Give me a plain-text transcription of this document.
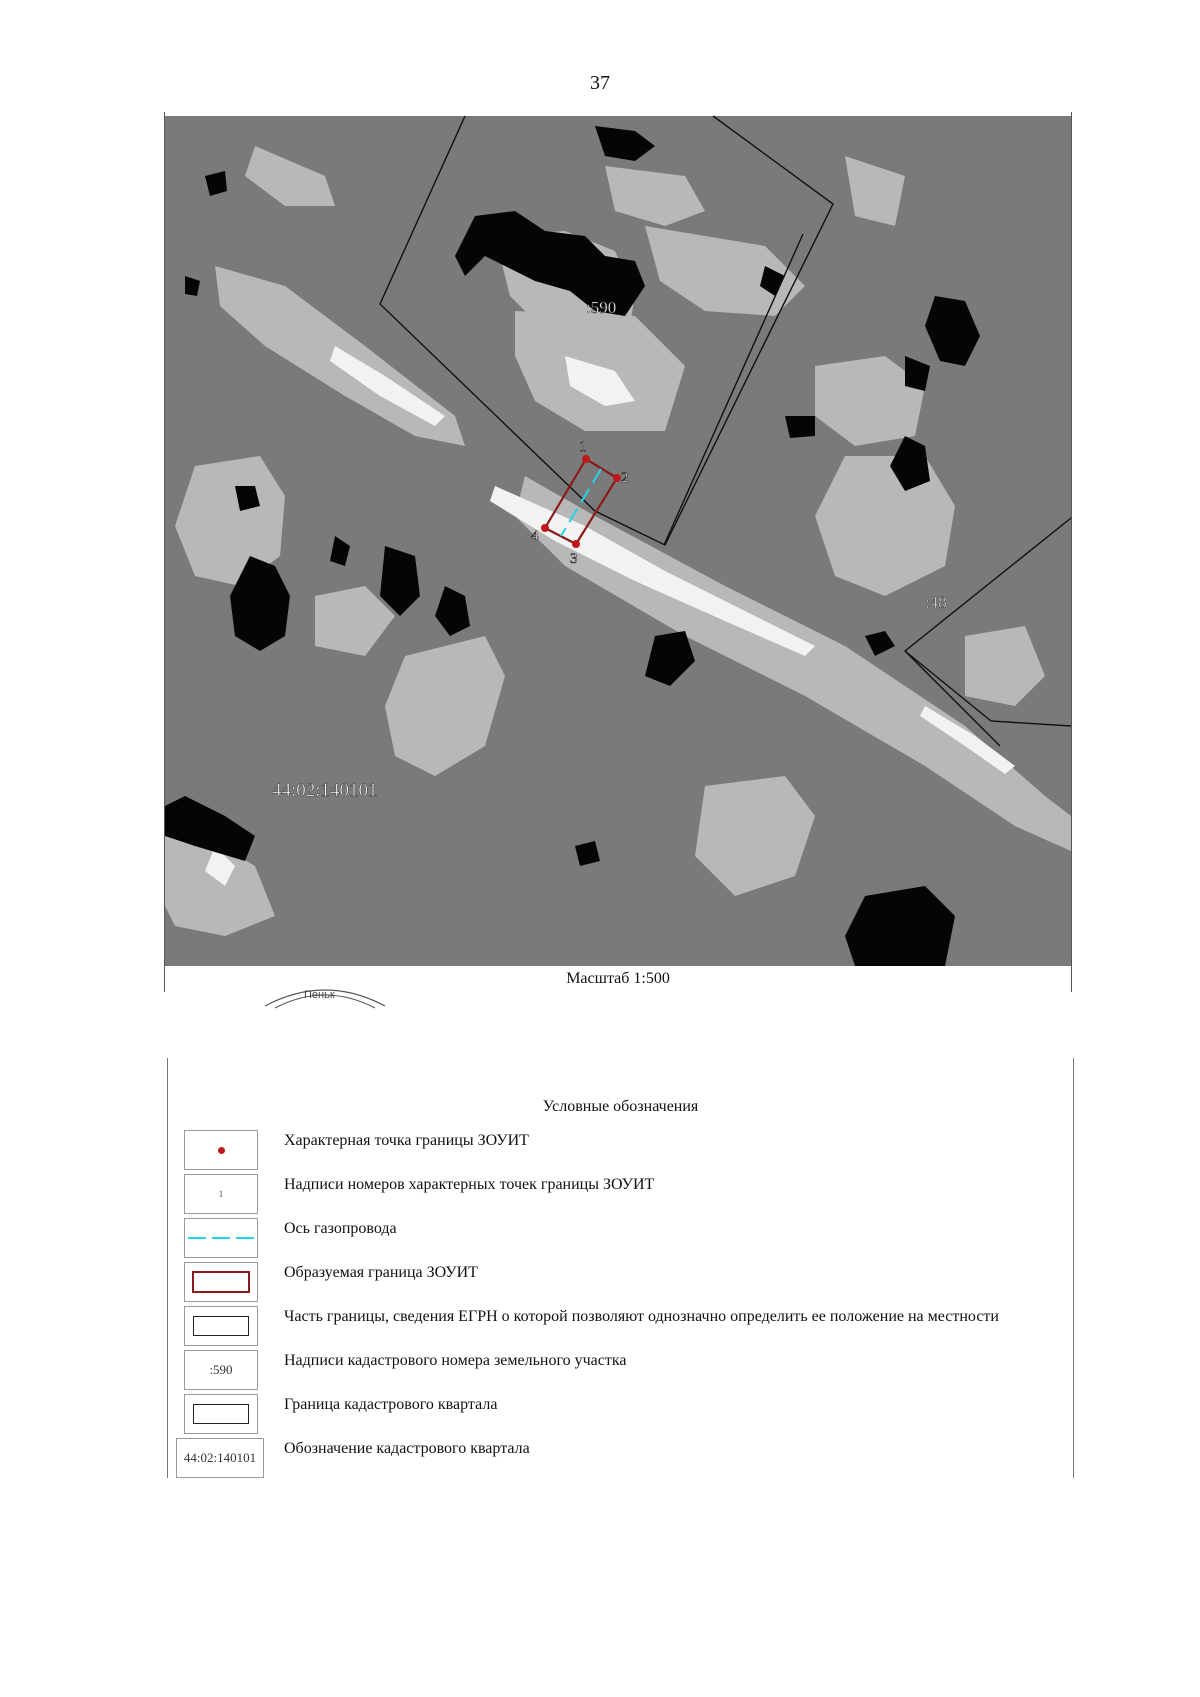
37
1
2
3
4
:590
:48
44:02:140101
Масштаб 1:500
Пеньк
Условные обозначения
Характерная точка границы ЗОУИТ
1
Надписи номеров характерных точек границы ЗОУИТ
Ось газопровода
Образуемая граница ЗОУИТ
Часть границы, сведения ЕГРН о которой позволяют однозначно определить ее положение на местности
:590
Надписи кадастрового номера земельного участка
Граница кадастрового квартала
44:02:140101
Обозначение кадастрового квартала
